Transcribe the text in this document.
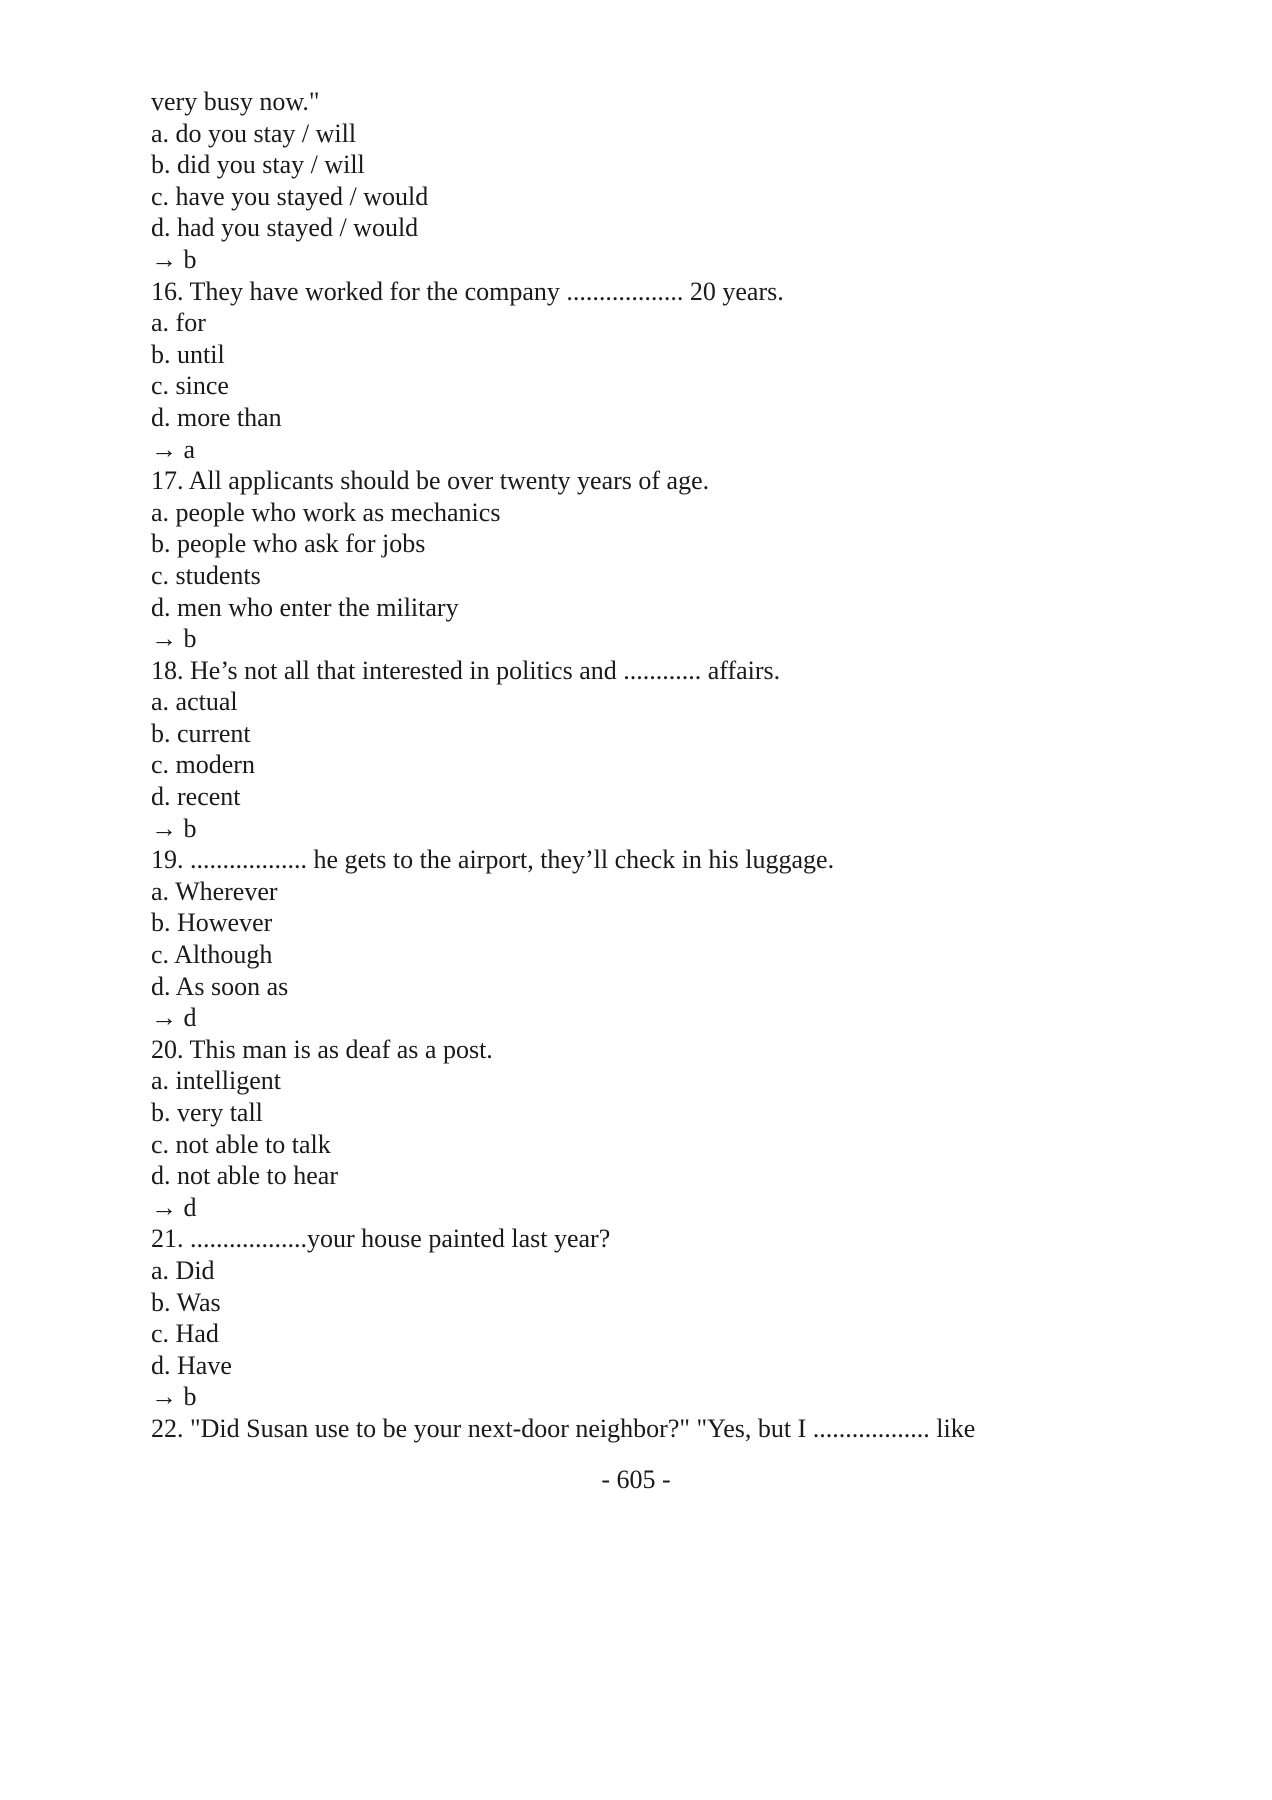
very busy now."
a. do you stay / will
b. did you stay / will
c. have you stayed / would
d. had you stayed / would
→ b
16. They have worked for the company .................. 20 years.
a. for
b. until
c. since
d. more than
→ a
17. All applicants should be over twenty years of age.
a. people who work as mechanics
b. people who ask for jobs
c. students
d. men who enter the military
→ b
18. He’s not all that interested in politics and ............ affairs.
a. actual
b. current
c. modern
d. recent
→ b
19. .................. he gets to the airport, they’ll check in his luggage.
a. Wherever
b. However
c. Although
d. As soon as
→ d
20. This man is as deaf as a post.
a. intelligent
b. very tall
c. not able to talk
d. not able to hear
→ d
21. ..................your house painted last year?
a. Did
b. Was
c. Had
d. Have
→ b
22. "Did Susan use to be your next-door neighbor?" "Yes, but I .................. like
- 605 -
